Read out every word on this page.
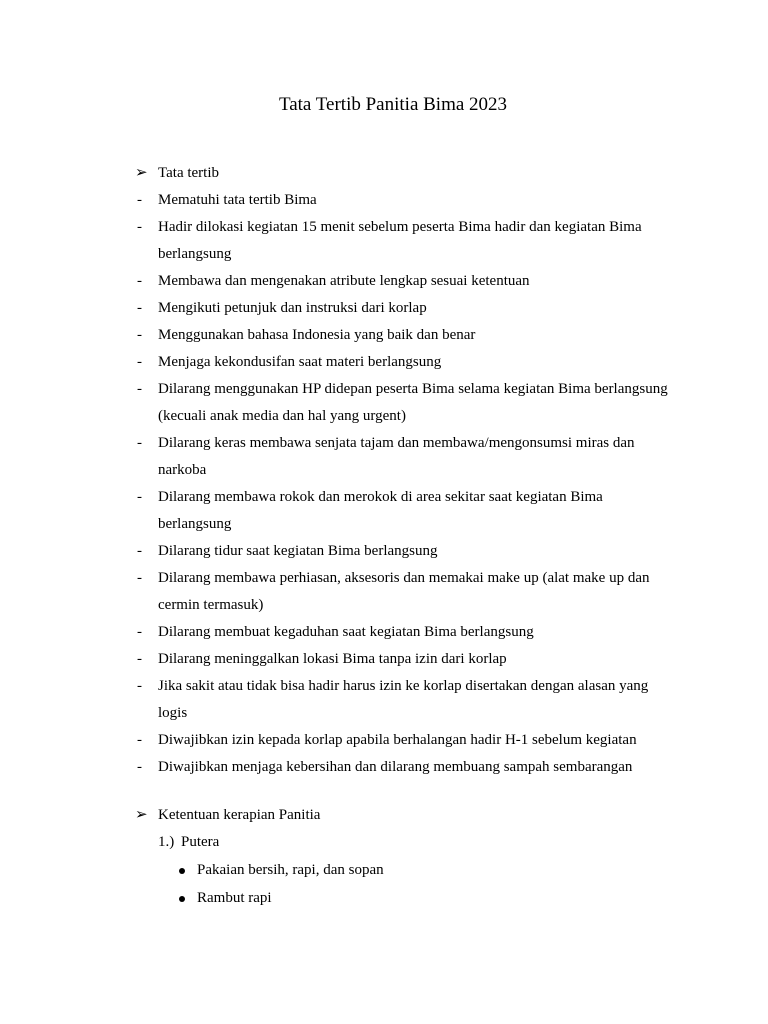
Tata Tertib Panitia Bima 2023
➢ Tata tertib
- Mematuhi tata tertib Bima
- Hadir dilokasi kegiatan 15 menit sebelum peserta Bima hadir dan kegiatan Bima
berlangsung
- Membawa dan mengenakan atribute lengkap sesuai ketentuan
- Mengikuti petunjuk dan instruksi dari korlap
- Menggunakan bahasa Indonesia yang baik dan benar
- Menjaga kekondusifan saat materi berlangsung
- Dilarang menggunakan HP didepan peserta Bima selama kegiatan Bima berlangsung
(kecuali anak media dan hal yang urgent)
- Dilarang keras membawa senjata tajam dan membawa/mengonsumsi miras dan
narkoba
- Dilarang membawa rokok dan merokok di area sekitar saat kegiatan Bima
berlangsung
- Dilarang tidur saat kegiatan Bima berlangsung
- Dilarang membawa perhiasan, aksesoris dan memakai make up (alat make up dan
cermin termasuk)
- Dilarang membuat kegaduhan saat kegiatan Bima berlangsung
- Dilarang meninggalkan lokasi Bima tanpa izin dari korlap
- Jika sakit atau tidak bisa hadir harus izin ke korlap disertakan dengan alasan yang
logis
- Diwajibkan izin kepada korlap apabila berhalangan hadir H-1 sebelum kegiatan
- Diwajibkan menjaga kebersihan dan dilarang membuang sampah sembarangan
➢ Ketentuan kerapian Panitia
1.) Putera
Pakaian bersih, rapi, dan sopan
Rambut rapi
